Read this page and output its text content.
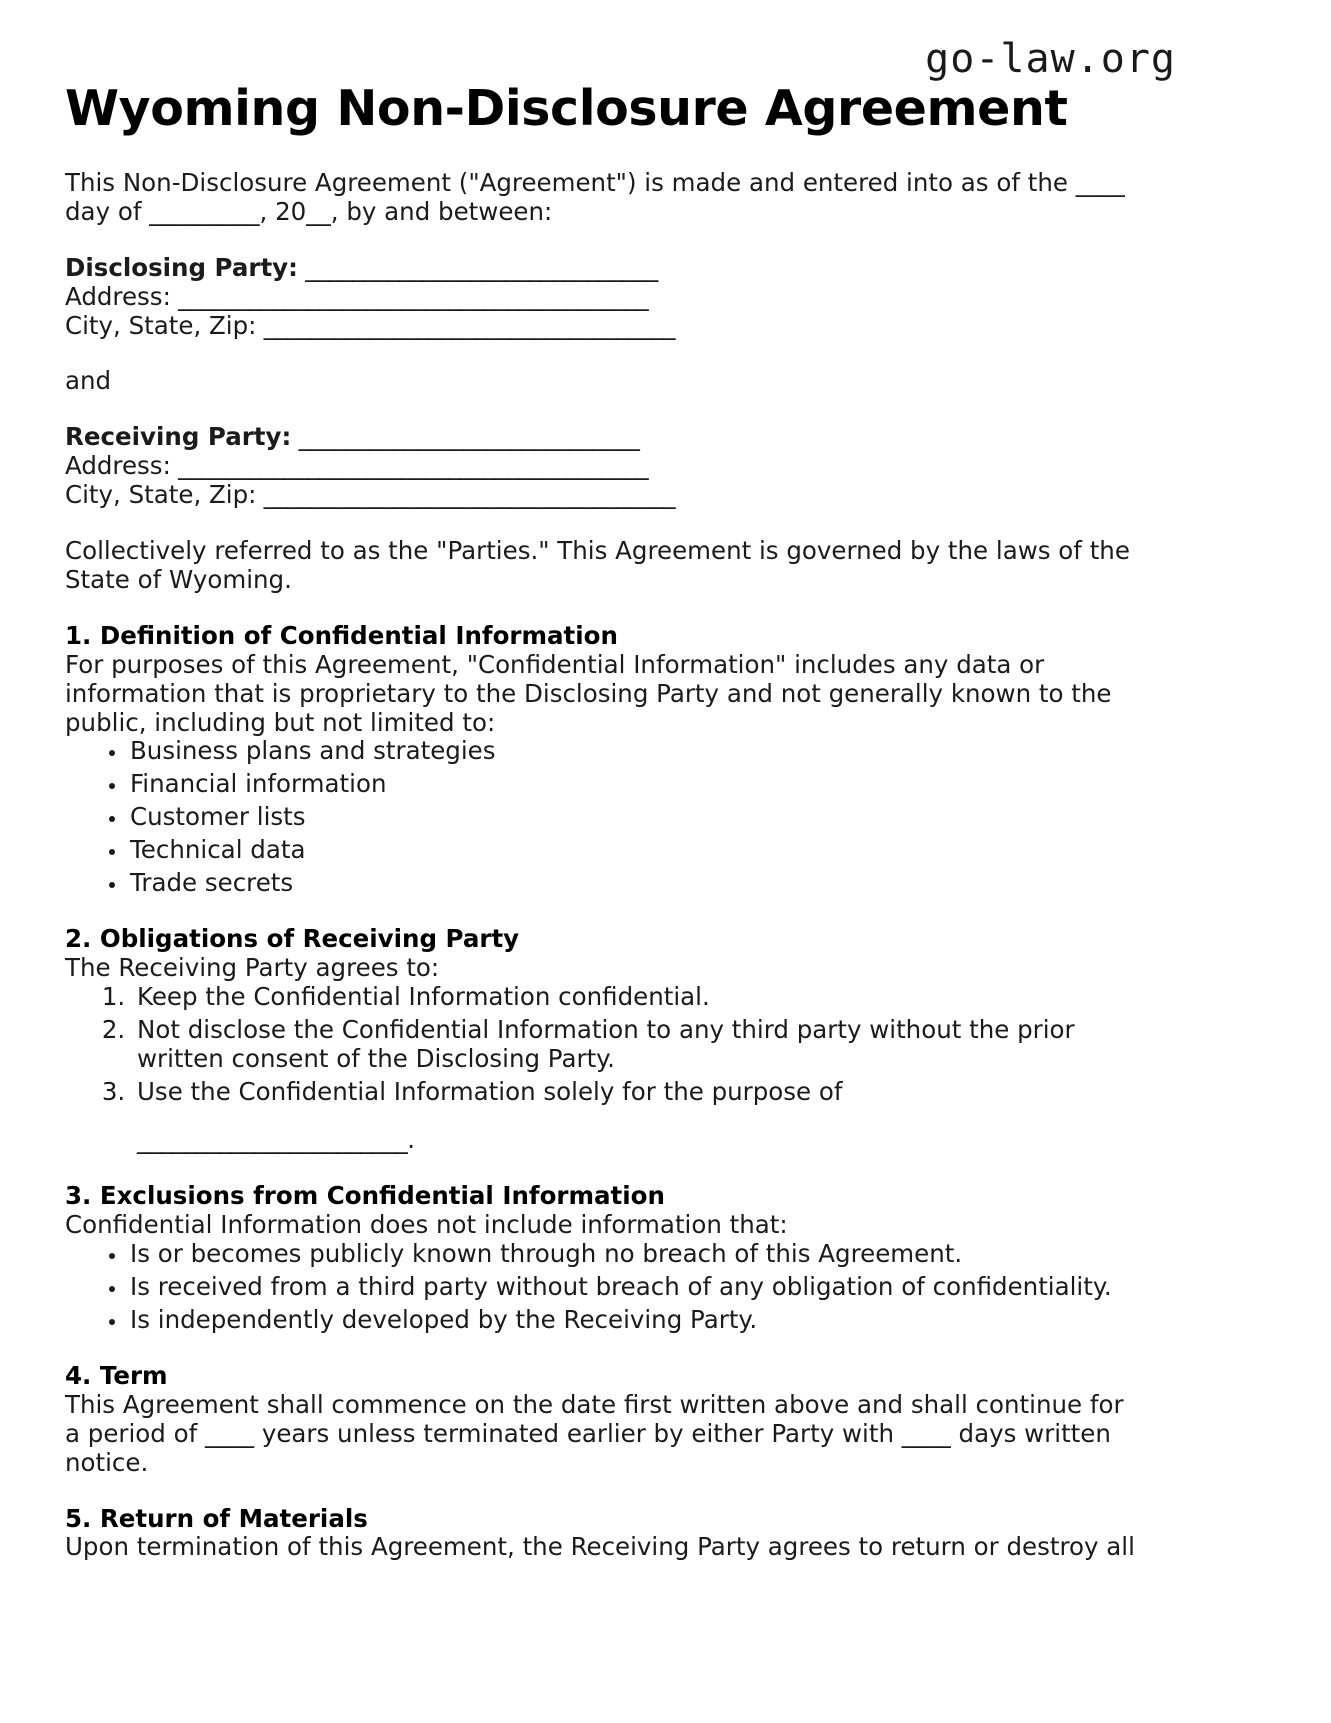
go-law.org
Wyoming Non-Disclosure Agreement

This Non-Disclosure Agreement ("Agreement") is made and entered into as of the ____ day of _________, 20__, by and between:

Disclosing Party: ______________________________
Address: ________________________________________
City, State, Zip: ___________________________________

and

Receiving Party: _____________________________
Address: ________________________________________
City, State, Zip: ___________________________________

Collectively referred to as the "Parties." This Agreement is governed by the laws of the State of Wyoming.

1. Definition of Confidential Information

For purposes of this Agreement, "Confidential Information" includes any data or information that is proprietary to the Disclosing Party and not generally known to the public, including but not limited to:

• Business plans and strategies
• Financial information
• Customer lists
• Technical data
• Trade secrets
2. Obligations of Receiving Party

The Receiving Party agrees to:

1. Keep the Confidential Information confidential.
2. Not disclose the Confidential Information to any third party without the prior written consent of the Disclosing Party.
3. Use the Confidential Information solely for the purpose of
_______________________.
3. Exclusions from Confidential Information

Confidential Information does not include information that:

• Is or becomes publicly known through no breach of this Agreement.
• Is received from a third party without breach of any obligation of confidentiality.
• Is independently developed by the Receiving Party.
4. Term

This Agreement shall commence on the date first written above and shall continue for a period of ____ years unless terminated earlier by either Party with ____ days written notice.

5. Return of Materials

Upon termination of this Agreement, the Receiving Party agrees to return or destroy all
